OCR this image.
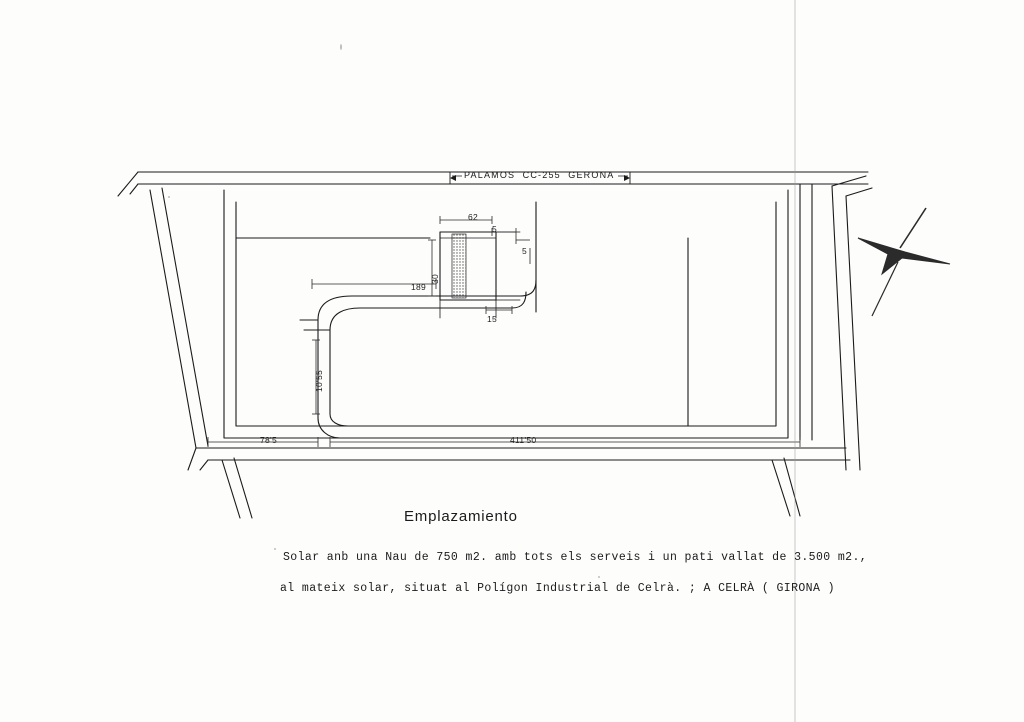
PALAMOS  CC-255  GERONA
62
5
5
15
189
30
10'55
78'5	411'50
Emplazamiento
Solar anb una Nau de 750 m2. amb tots els serveis i un pati vallat de 3.500 m2.,
al mateix solar, situat al Polígon Industrial de Celrà. ; A CELRÀ ( GIRONA )
